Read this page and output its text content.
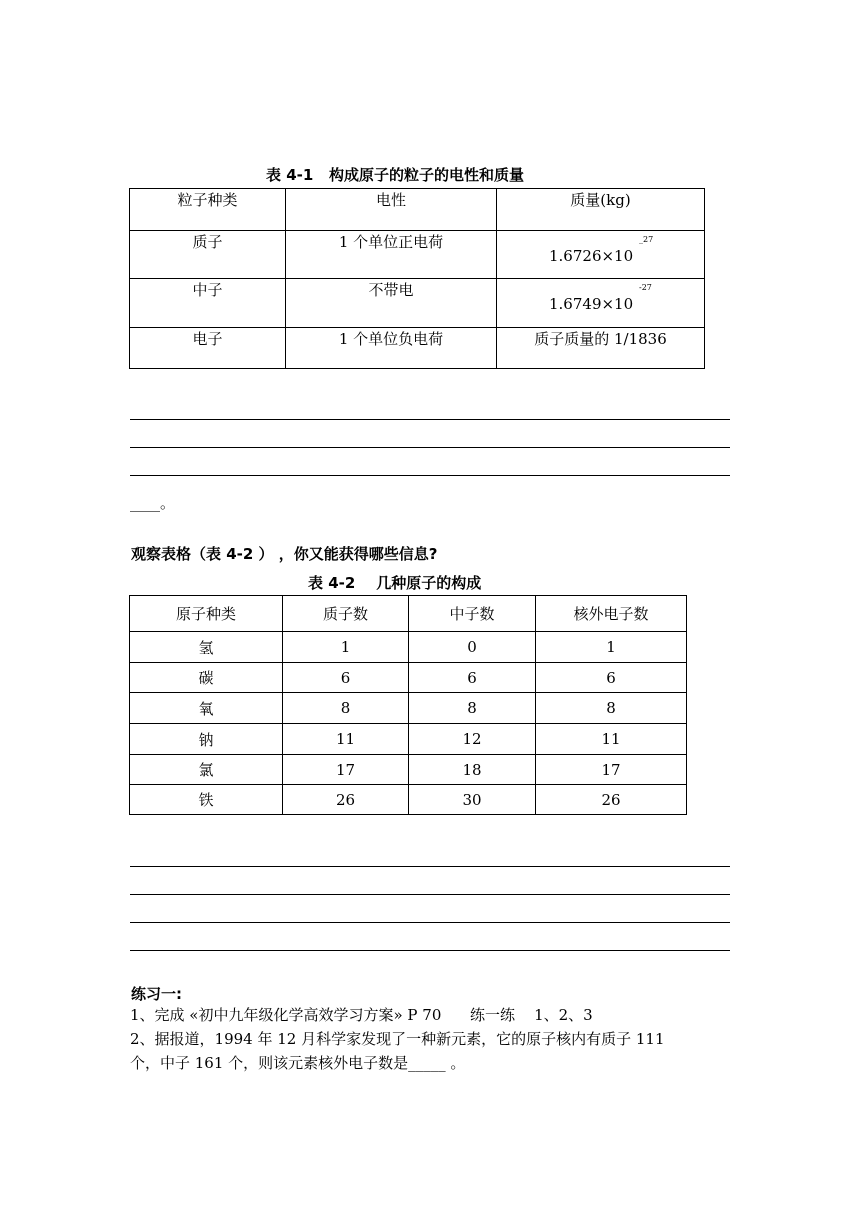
表 4-1   构成原子的粒子的电性和质量
粒子种类	电性	质量(kg)
质子	1 个单位正电荷	1.6726×10
_27

中子	不带电	1.6749×10
-27

电子	1 个单位负电荷	质子质量的 1/1836
____。
观察表格（表 4-2 ） ，你又能获得哪些信息?
表 4-2    几种原子的构成
原子种类	质子数	中子数	核外电子数
氢	1	0	1
碳	6	6	6
氧	8	8	8
钠	11	12	11
氯	17	18	17
铁	26	30	26
练习一:
1、完成 «初中九年级化学高效学习方案» P 70      练一练    1、2、3
2、据报道，1994 年 12 月科学家发现了一种新元素，它的原子核内有质子 111
个，中子 161 个，则该元素核外电子数是_____ 。
